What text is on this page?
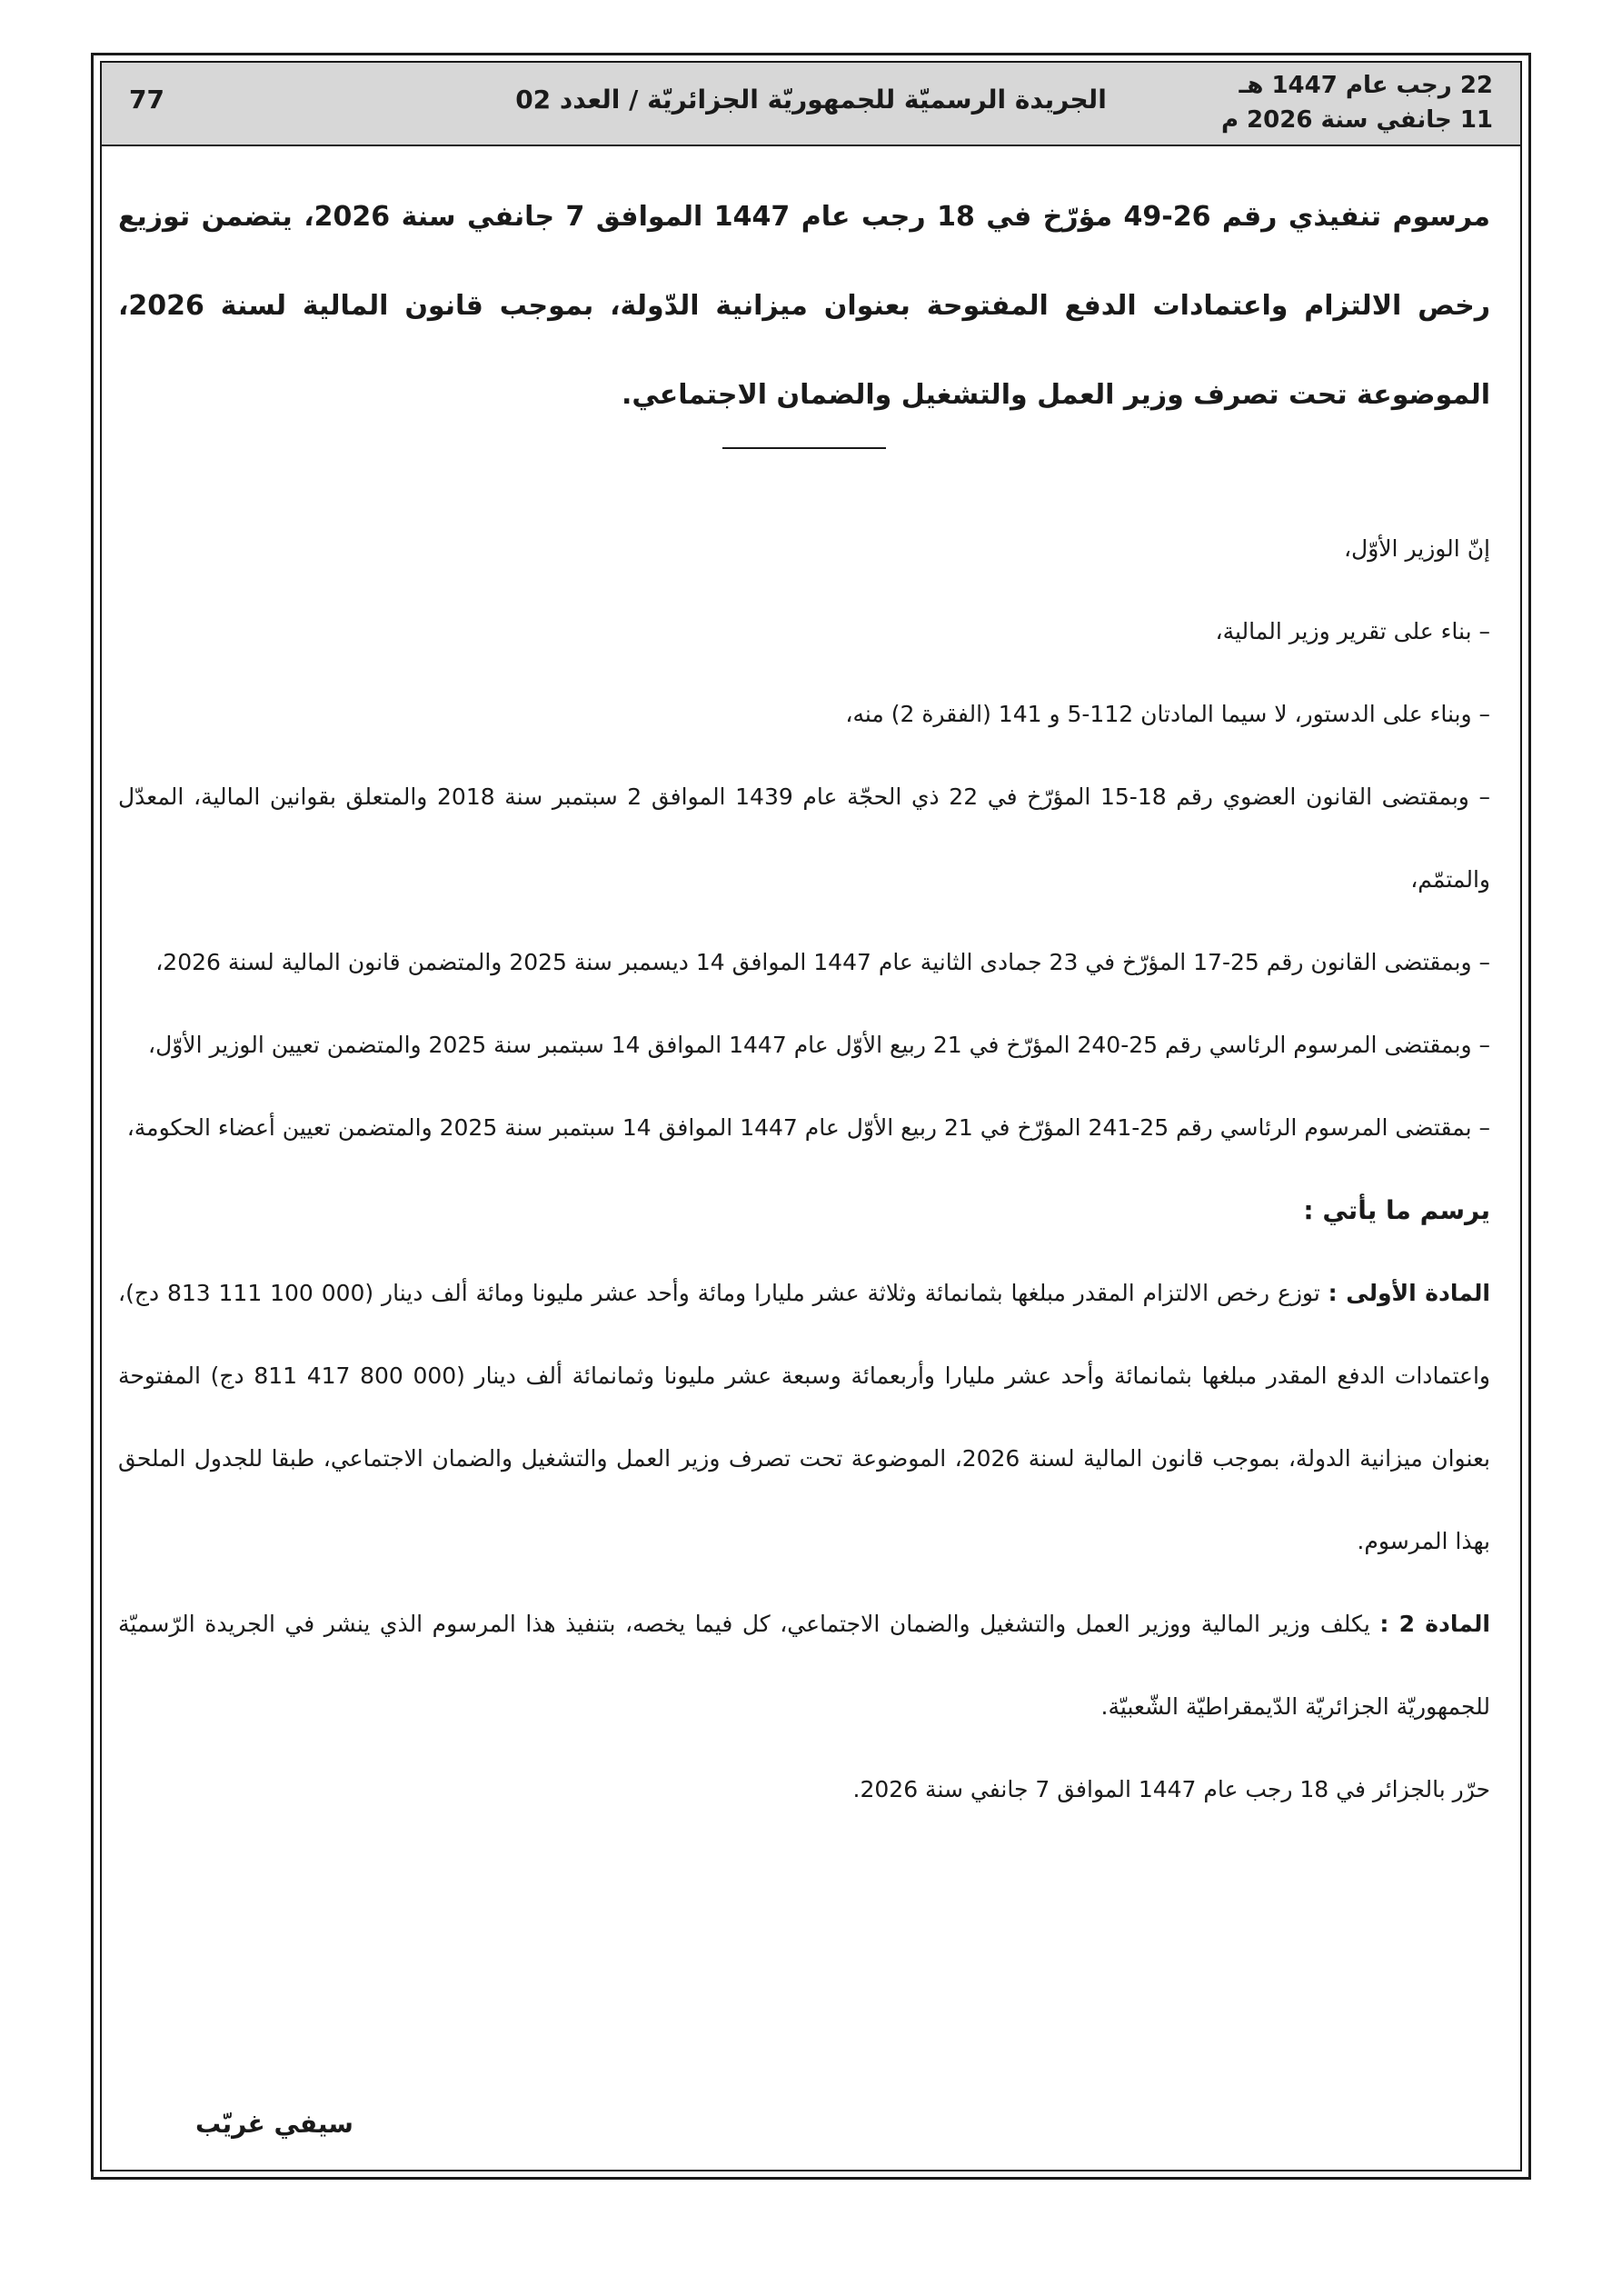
22 رجب عام 1447 هـ
11 جانفي سنة 2026 م
الجريدة الرسميّة للجمهوريّة الجزائريّة / العدد 02
77

مرسوم تنفيذي رقم 26-49 مؤرّخ في 18 رجب عام 1447 الموافق 7 جانفي سنة 2026، يتضمن توزيع رخص الالتزام واعتمادات الدفع المفتوحة بعنوان ميزانية الدّولة، بموجب قانون المالية لسنة 2026، الموضوعة تحت تصرف وزير العمل والتشغيل والضمان الاجتماعي.

إنّ الوزير الأوّل،

– بناء على تقرير وزير المالية،

– وبناء على الدستور، لا سيما المادتان 112-5 و 141 (الفقرة 2) منه،

– وبمقتضى القانون العضوي رقم 18-15 المؤرّخ في 22 ذي الحجّة عام 1439 الموافق 2 سبتمبر سنة 2018 والمتعلق بقوانين المالية، المعدّل والمتمّم،

– وبمقتضى القانون رقم 25-17 المؤرّخ في 23 جمادى الثانية عام 1447 الموافق 14 ديسمبر سنة 2025 والمتضمن قانون المالية لسنة 2026،

– وبمقتضى المرسوم الرئاسي رقم 25-240 المؤرّخ في 21 ربيع الأوّل عام 1447 الموافق 14 سبتمبر سنة 2025 والمتضمن تعيين الوزير الأوّل،

– بمقتضى المرسوم الرئاسي رقم 25-241 المؤرّخ في 21 ربيع الأوّل عام 1447 الموافق 14 سبتمبر سنة 2025 والمتضمن تعيين أعضاء الحكومة،

يرسم ما يأتي :

المادة الأولى : توزع رخص الالتزام المقدر مبلغها بثمانمائة وثلاثة عشر مليارا ومائة وأحد عشر مليونا ومائة ألف دينار (000 100 111 813 دج)، واعتمادات الدفع المقدر مبلغها بثمانمائة وأحد عشر مليارا وأربعمائة وسبعة عشر مليونا وثمانمائة ألف دينار (000 800 417 811 دج) المفتوحة بعنوان ميزانية الدولة، بموجب قانون المالية لسنة 2026، الموضوعة تحت تصرف وزير العمل والتشغيل والضمان الاجتماعي، طبقا للجدول الملحق بهذا المرسوم.

المادة 2 : يكلف وزير المالية ووزير العمل والتشغيل والضمان الاجتماعي، كل فيما يخصه، بتنفيذ هذا المرسوم الذي ينشر في الجريدة الرّسميّة للجمهوريّة الجزائريّة الدّيمقراطيّة الشّعبيّة.

حرّر بالجزائر في 18 رجب عام 1447 الموافق 7 جانفي سنة 2026.

سيفي غريّب
